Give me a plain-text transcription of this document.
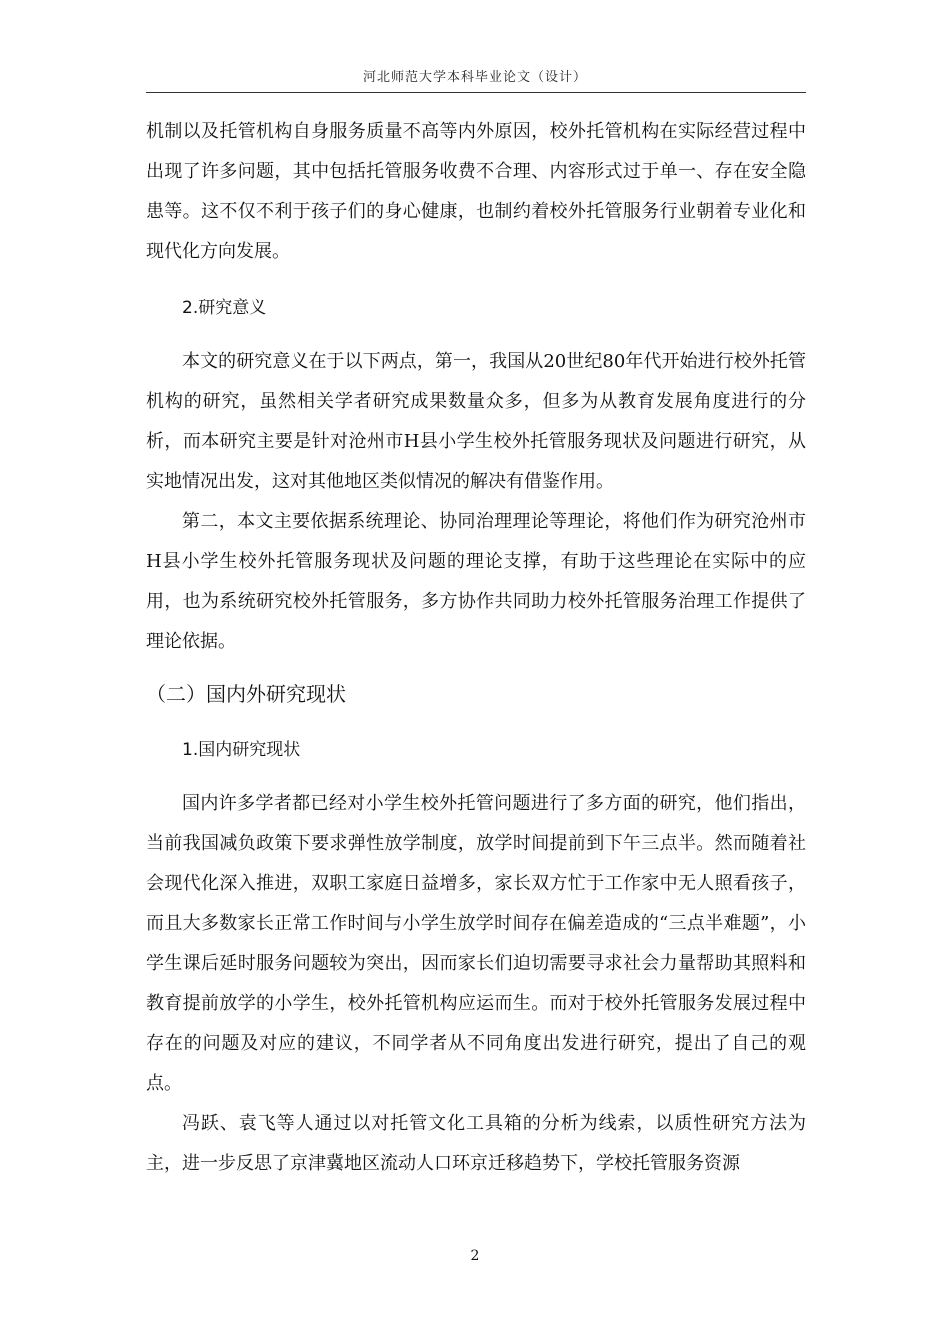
河北师范大学本科毕业论文（设计）

机制以及托管机构自身服务质量不高等内外原因，校外托管机构在实际经营过程中出现了许多问题，其中包括托管服务收费不合理、内容形式过于单一、存在安全隐患等。这不仅不利于孩子们的身心健康，也制约着校外托管服务行业朝着专业化和现代化方向发展。

2.研究意义

本文的研究意义在于以下两点，第一，我国从20世纪80年代开始进行校外托管机构的研究，虽然相关学者研究成果数量众多，但多为从教育发展角度进行的分析，而本研究主要是针对沧州市H县小学生校外托管服务现状及问题进行研究，从实地情况出发，这对其他地区类似情况的解决有借鉴作用。

第二，本文主要依据系统理论、协同治理理论等理论，将他们作为研究沧州市H县小学生校外托管服务现状及问题的理论支撑，有助于这些理论在实际中的应用，也为系统研究校外托管服务，多方协作共同助力校外托管服务治理工作提供了理论依据。

（二）国内外研究现状
1.国内研究现状

国内许多学者都已经对小学生校外托管问题进行了多方面的研究，他们指出，当前我国减负政策下要求弹性放学制度，放学时间提前到下午三点半。然而随着社会现代化深入推进，双职工家庭日益增多，家长双方忙于工作家中无人照看孩子，而且大多数家长正常工作时间与小学生放学时间存在偏差造成的“三点半难题”，小学生课后延时服务问题较为突出，因而家长们迫切需要寻求社会力量帮助其照料和教育提前放学的小学生，校外托管机构应运而生。而对于校外托管服务发展过程中存在的问题及对应的建议，不同学者从不同角度出发进行研究，提出了自己的观点。

冯跃、袁飞等人通过以对托管文化工具箱的分析为线索，以质性研究方法为主，进一步反思了京津冀地区流动人口环京迁移趋势下，学校托管服务资源

2
